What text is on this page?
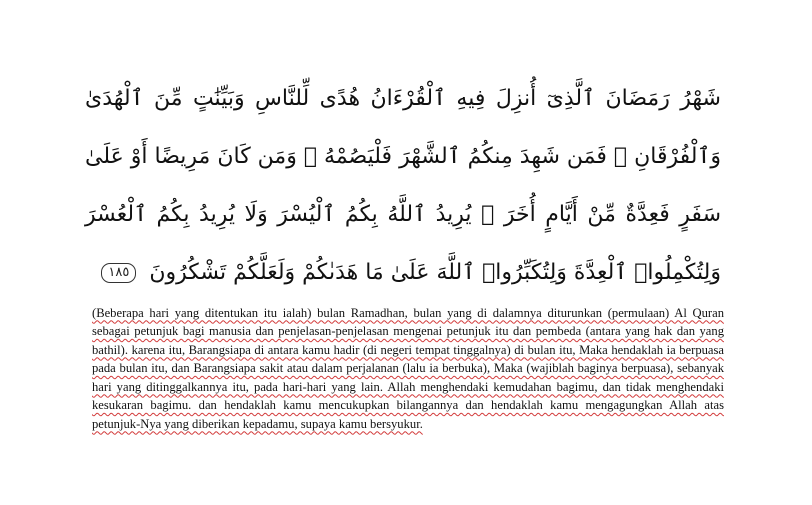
شَهْرُ رَمَضَانَ ٱلَّذِىٓ أُنزِلَ فِيهِ ٱلْقُرْءَانُ هُدًى لِّلنَّاسِ وَبَيِّنَٰتٍ مِّنَ ٱلْهُدَىٰ وَٱلْفُرْقَانِ ۚ فَمَن شَهِدَ مِنكُمُ ٱلشَّهْرَ فَلْيَصُمْهُ ۖ وَمَن كَانَ مَرِيضًا أَوْ عَلَىٰ سَفَرٍ فَعِدَّةٌ مِّنْ أَيَّامٍ أُخَرَ ۗ يُرِيدُ ٱللَّهُ بِكُمُ ٱلْيُسْرَ وَلَا يُرِيدُ بِكُمُ ٱلْعُسْرَ وَلِتُكْمِلُوا۟ ٱلْعِدَّةَ وَلِتُكَبِّرُوا۟ ٱللَّهَ عَلَىٰ مَا هَدَىٰكُمْ وَلَعَلَّكُمْ تَشْكُرُونَ ١٨٥

(Beberapa hari yang ditentukan itu ialah) bulan Ramadhan, bulan yang di dalamnya diturunkan (permulaan) Al Quran sebagai petunjuk bagi manusia dan penjelasan-penjelasan mengenai petunjuk itu dan pembeda (antara yang hak dan yang bathil). karena itu, Barangsiapa di antara kamu hadir (di negeri tempat tinggalnya) di bulan itu, Maka hendaklah ia berpuasa pada bulan itu, dan Barangsiapa sakit atau dalam perjalanan (lalu ia berbuka), Maka (wajiblah baginya berpuasa), sebanyak hari yang ditinggalkannya itu, pada hari-hari yang lain. Allah menghendaki kemudahan bagimu, dan tidak menghendaki kesukaran bagimu. dan hendaklah kamu mencukupkan bilangannya dan hendaklah kamu mengagungkan Allah atas petunjuk-Nya yang diberikan kepadamu, supaya kamu bersyukur.
